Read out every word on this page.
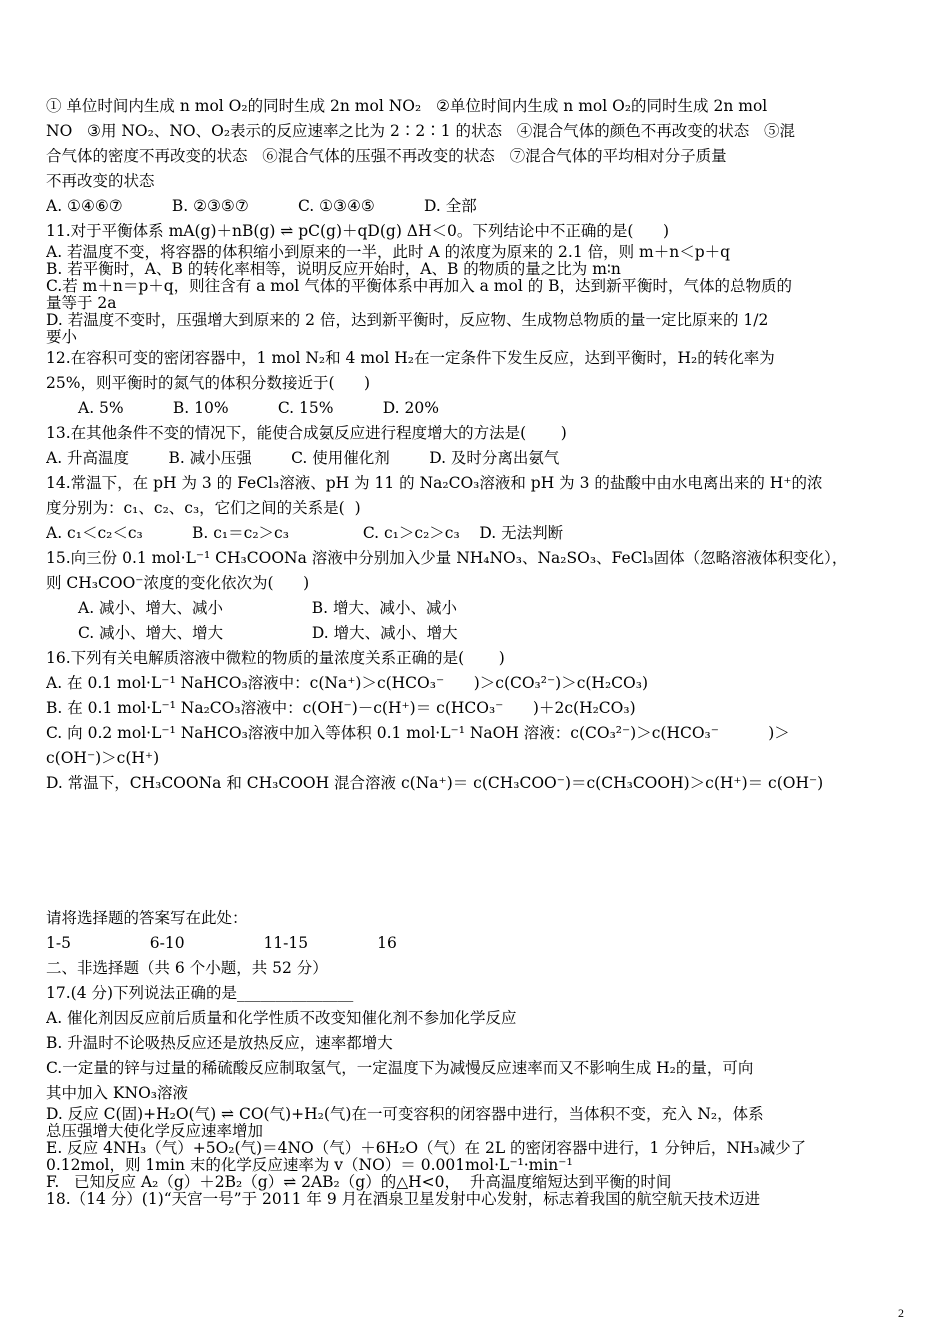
① 单位时间内生成 n mol O₂的同时生成 2n mol NO₂   ②单位时间内生成 n mol O₂的同时生成 2n mol
NO   ③用 NO₂、NO、O₂表示的反应速率之比为 2∶2∶1 的状态   ④混合气体的颜色不再改变的状态   ⑤混
合气体的密度不再改变的状态   ⑥混合气体的压强不再改变的状态   ⑦混合气体的平均相对分子质量
不再改变的状态
A. ①④⑥⑦          B. ②③⑤⑦          C. ①③④⑤          D. 全部
11.对于平衡体系 mA(g)＋nB(g) ⇌ pC(g)＋qD(g) ΔH＜0。下列结论中不正确的是(      )
A. 若温度不变，将容器的体积缩小到原来的一半，此时 A 的浓度为原来的 2.1 倍，则 m＋n＜p＋q
B. 若平衡时，A、B 的转化率相等，说明反应开始时，A、B 的物质的量之比为 m∶n
C.若 m＋n＝p＋q，则往含有 a mol 气体的平衡体系中再加入 a mol 的 B，达到新平衡时，气体的总物质的
量等于 2a
D. 若温度不变时，压强增大到原来的 2 倍，达到新平衡时，反应物、生成物总物质的量一定比原来的 1/2
要小
12.在容积可变的密闭容器中，1 mol N₂和 4 mol H₂在一定条件下发生反应，达到平衡时，H₂的转化率为
25%，则平衡时的氮气的体积分数接近于(      )
A. 5%          B. 10%          C. 15%          D. 20%
13.在其他条件不变的情况下，能使合成氨反应进行程度增大的方法是(       )
A. 升高温度        B. 减小压强        C. 使用催化剂        D. 及时分离出氨气
14.常温下，在 pH 为 3 的 FeCl₃溶液、pH 为 11 的 Na₂CO₃溶液和 pH 为 3 的盐酸中由水电离出来的 H⁺的浓
度分别为：c₁、c₂、c₃，它们之间的关系是(  )
A. c₁＜c₂＜c₃          B. c₁＝c₂＞c₃               C. c₁＞c₂＞c₃    D. 无法判断
15.向三份 0.1 mol·L⁻¹ CH₃COONa 溶液中分别加入少量 NH₄NO₃、Na₂SO₃、FeCl₃固体（忽略溶液体积变化），
则 CH₃COO⁻浓度的变化依次为(      )
A. 减小、增大、减小                  B. 增大、减小、减小
C. 减小、增大、增大                  D. 增大、减小、增大
16.下列有关电解质溶液中微粒的物质的量浓度关系正确的是(       )
A. 在 0.1 mol·L⁻¹ NaHCO₃溶液中：c(Na⁺)＞c(HCO₃⁻      )＞c(CO₃²⁻)＞c(H₂CO₃)
B. 在 0.1 mol·L⁻¹ Na₂CO₃溶液中：c(OH⁻)－c(H⁺)＝ c(HCO₃⁻      )＋2c(H₂CO₃)
C. 向 0.2 mol·L⁻¹ NaHCO₃溶液中加入等体积 0.1 mol·L⁻¹ NaOH 溶液：c(CO₃²⁻)＞c(HCO₃⁻          )＞
c(OH⁻)＞c(H⁺)
D. 常温下，CH₃COONa 和 CH₃COOH 混合溶液 c(Na⁺)＝ c(CH₃COO⁻)＝c(CH₃COOH)＞c(H⁺)＝ c(OH⁻)
请将选择题的答案写在此处：
1-5                6-10                11-15              16
二、非选择题（共 6 个小题，共 52 分）
17.(4 分)下列说法正确的是_______________
A. 催化剂因反应前后质量和化学性质不改变知催化剂不参加化学反应
B. 升温时不论吸热反应还是放热反应，速率都增大
C.一定量的锌与过量的稀硫酸反应制取氢气，一定温度下为减慢反应速率而又不影响生成 H₂的量，可向
其中加入 KNO₃溶液
D. 反应 C(固)+H₂O(气) ⇌ CO(气)+H₂(气)在一可变容积的闭容器中进行，当体积不变，充入 N₂，体系
总压强增大使化学反应速率增加
E. 反应 4NH₃（气）+5O₂(气)＝4NO（气）＋6H₂O（气）在 2L 的密闭容器中进行，1 分钟后，NH₃减少了
0.12mol，则 1min 末的化学反应速率为 v（NO）＝ 0.001mol·L⁻¹·min⁻¹
F.   已知反应 A₂（g）＋2B₂（g）⇌ 2AB₂（g）的△H<0，  升高温度缩短达到平衡的时间
18.（14 分）(1)“天宫一号”于 2011 年 9 月在酒泉卫星发射中心发射，标志着我国的航空航天技术迈进
2
